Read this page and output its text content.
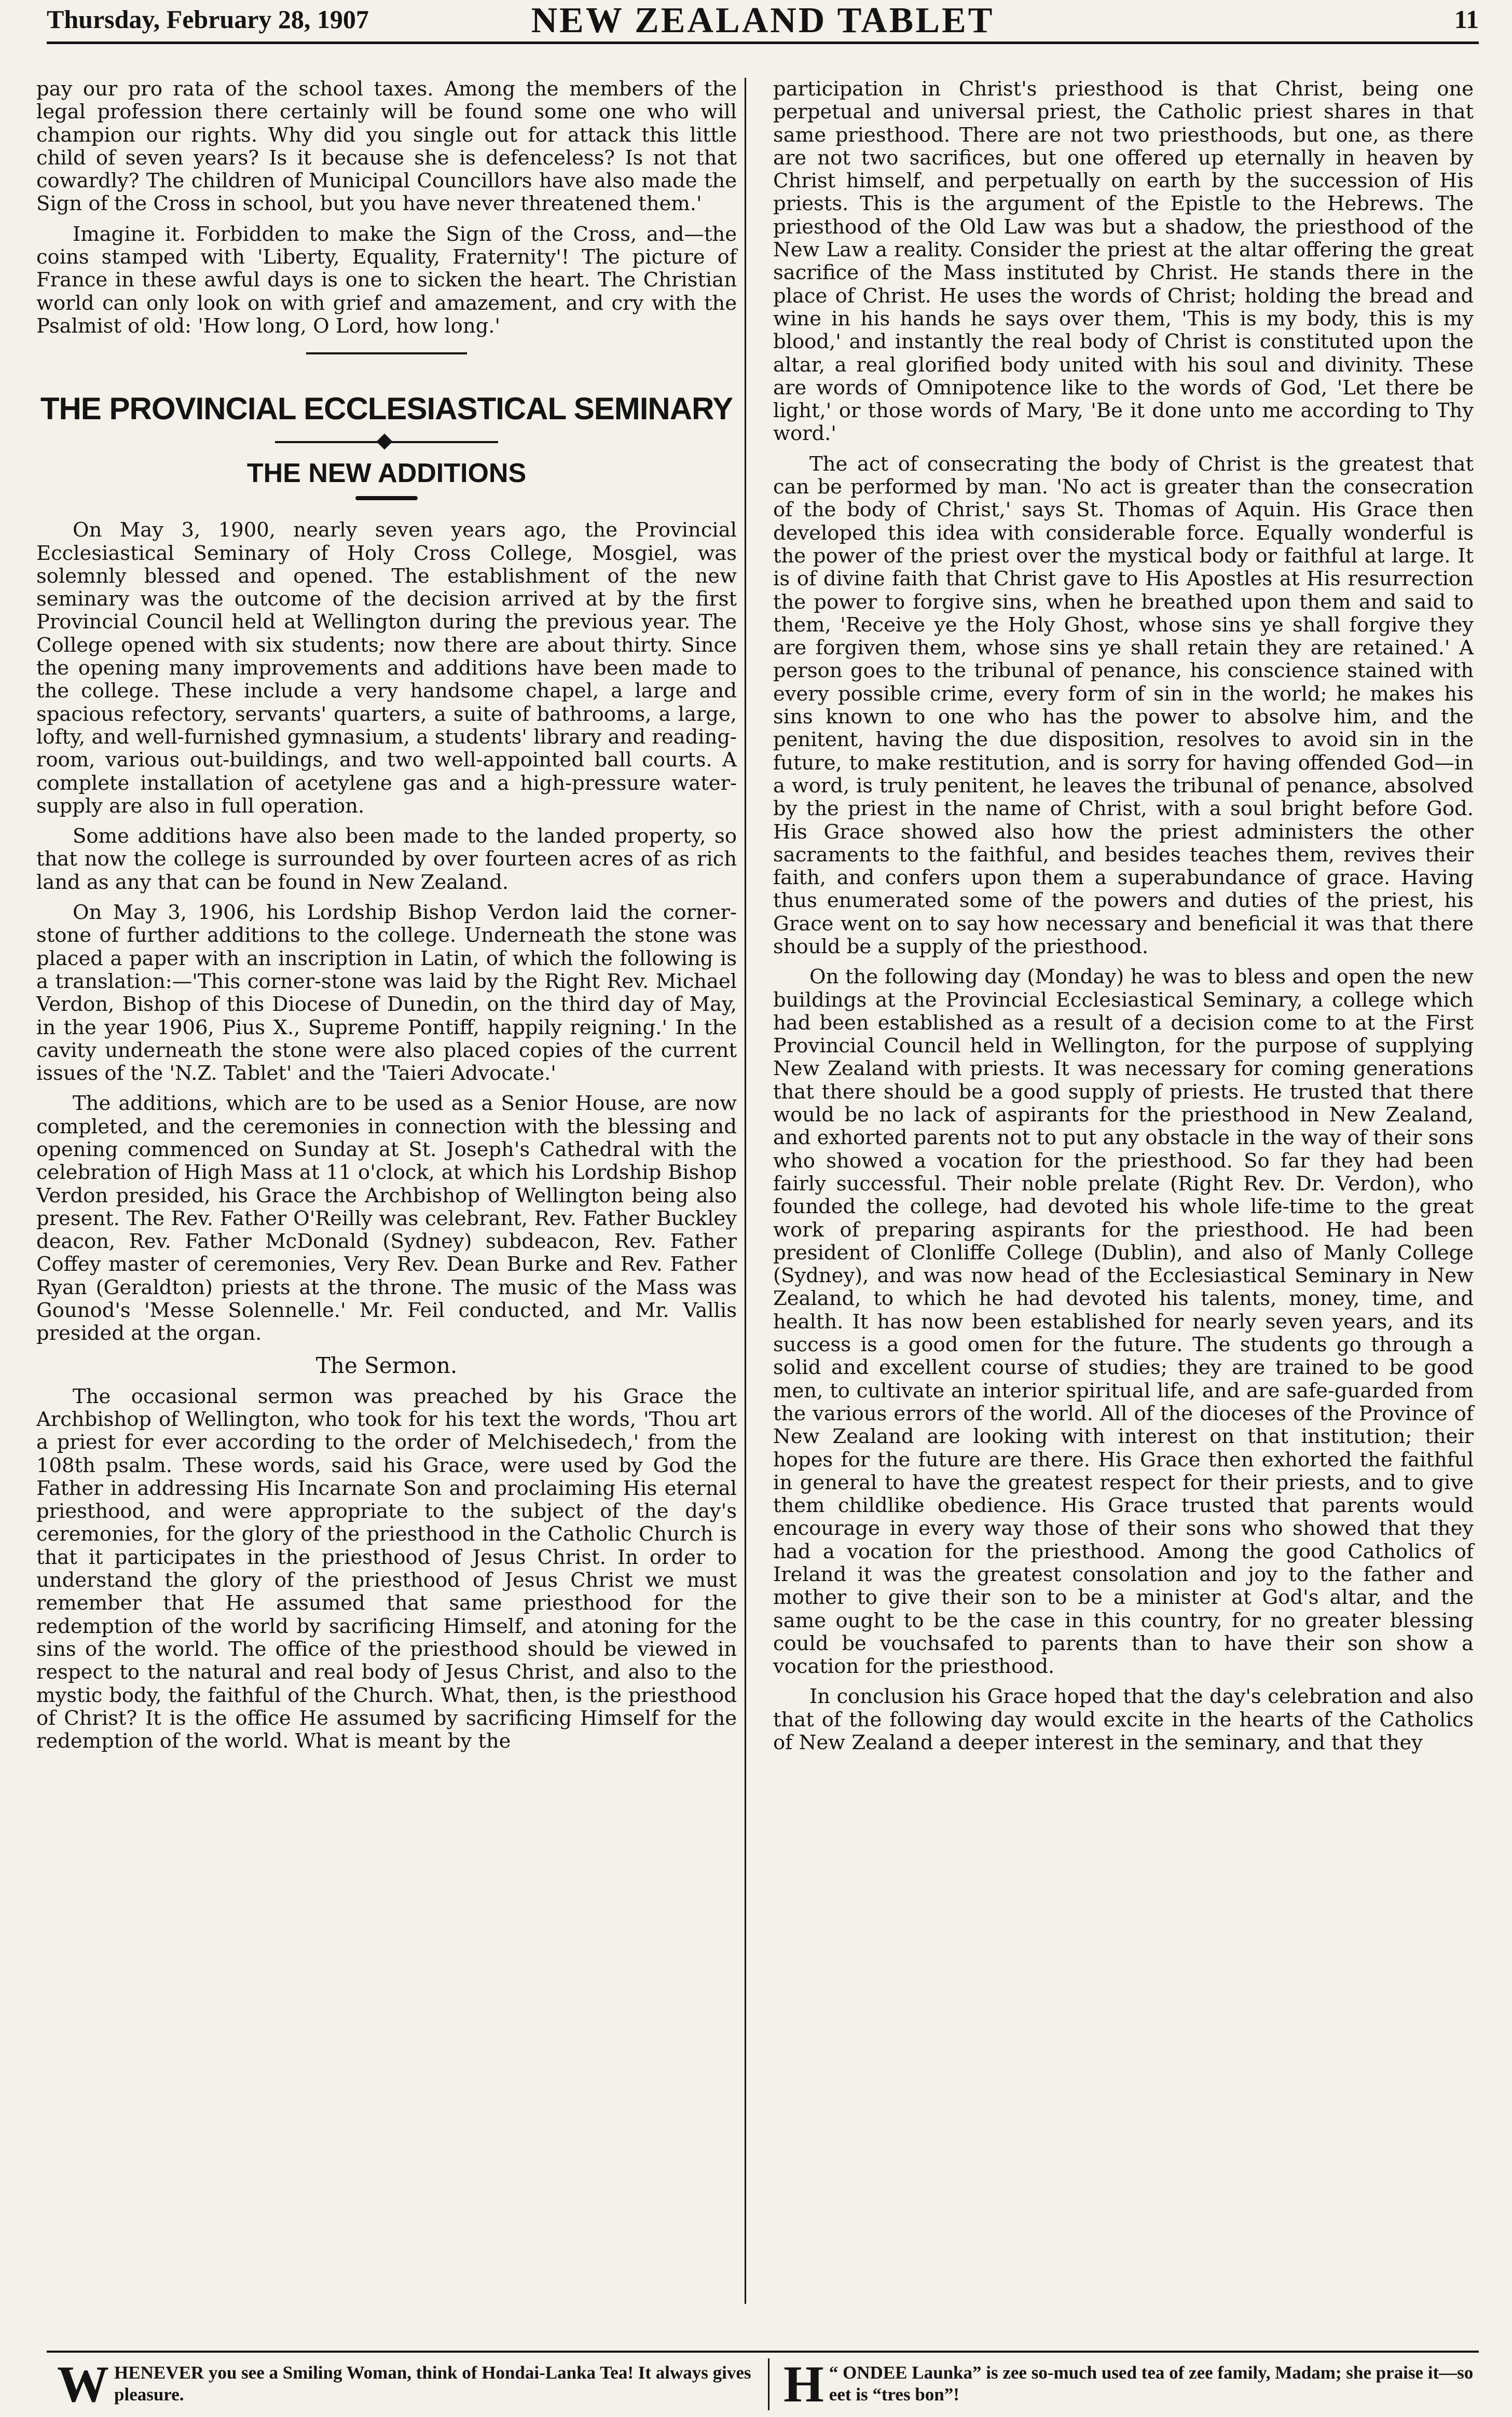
Thursday, February 28, 1907	NEW ZEALAND TABLET	11

pay our pro rata of the school taxes. Among the members of the legal profession there certainly will be found some one who will champion our rights. Why did you single out for attack this little child of seven years? Is it because she is defenceless? Is not that cowardly? The children of Municipal Councillors have also made the Sign of the Cross in school, but you have never threatened them.'

Imagine it. Forbidden to make the Sign of the Cross, and—the coins stamped with 'Liberty, Equality, Fraternity'! The picture of France in these awful days is one to sicken the heart. The Christian world can only look on with grief and amazement, and cry with the Psalmist of old: 'How long, O Lord, how long.'

THE PROVINCIAL ECCLESIASTICAL SEMINARY
THE NEW ADDITIONS

On May 3, 1900, nearly seven years ago, the Provincial Ecclesiastical Seminary of Holy Cross College, Mosgiel, was solemnly blessed and opened. The establishment of the new seminary was the outcome of the decision arrived at by the first Provincial Council held at Wellington during the previous year. The College opened with six students; now there are about thirty. Since the opening many improvements and additions have been made to the college. These include a very handsome chapel, a large and spacious refectory, servants' quarters, a suite of bathrooms, a large, lofty, and well-furnished gymnasium, a students' library and reading-room, various out-buildings, and two well-appointed ball courts. A complete installation of acetylene gas and a high-pressure water-supply are also in full operation.

Some additions have also been made to the landed property, so that now the college is surrounded by over fourteen acres of as rich land as any that can be found in New Zealand.

On May 3, 1906, his Lordship Bishop Verdon laid the corner-stone of further additions to the college. Underneath the stone was placed a paper with an inscription in Latin, of which the following is a translation:—'This corner-stone was laid by the Right Rev. Michael Verdon, Bishop of this Diocese of Dunedin, on the third day of May, in the year 1906, Pius X., Supreme Pontiff, happily reigning.' In the cavity underneath the stone were also placed copies of the current issues of the 'N.Z. Tablet' and the 'Taieri Advocate.'

The additions, which are to be used as a Senior House, are now completed, and the ceremonies in connection with the blessing and opening commenced on Sunday at St. Joseph's Cathedral with the celebration of High Mass at 11 o'clock, at which his Lordship Bishop Verdon presided, his Grace the Archbishop of Wellington being also present. The Rev. Father O'Reilly was celebrant, Rev. Father Buckley deacon, Rev. Father McDonald (Sydney) subdeacon, Rev. Father Coffey master of ceremonies, Very Rev. Dean Burke and Rev. Father Ryan (Geraldton) priests at the throne. The music of the Mass was Gounod's 'Messe Solennelle.' Mr. Feil conducted, and Mr. Vallis presided at the organ.

The Sermon.

The occasional sermon was preached by his Grace the Archbishop of Wellington, who took for his text the words, 'Thou art a priest for ever according to the order of Melchisedech,' from the 108th psalm. These words, said his Grace, were used by God the Father in addressing His Incarnate Son and proclaiming His eternal priesthood, and were appropriate to the subject of the day's ceremonies, for the glory of the priesthood in the Catholic Church is that it participates in the priesthood of Jesus Christ. In order to understand the glory of the priesthood of Jesus Christ we must remember that He assumed that same priesthood for the redemption of the world by sacrificing Himself, and atoning for the sins of the world. The office of the priesthood should be viewed in respect to the natural and real body of Jesus Christ, and also to the mystic body, the faithful of the Church. What, then, is the priesthood of Christ? It is the office He assumed by sacrificing Himself for the redemption of the world. What is meant by the

participation in Christ's priesthood is that Christ, being one perpetual and universal priest, the Catholic priest shares in that same priesthood. There are not two priesthoods, but one, as there are not two sacrifices, but one offered up eternally in heaven by Christ himself, and perpetually on earth by the succession of His priests. This is the argument of the Epistle to the Hebrews. The priesthood of the Old Law was but a shadow, the priesthood of the New Law a reality. Consider the priest at the altar offering the great sacrifice of the Mass instituted by Christ. He stands there in the place of Christ. He uses the words of Christ; holding the bread and wine in his hands he says over them, 'This is my body, this is my blood,' and instantly the real body of Christ is constituted upon the altar, a real glorified body united with his soul and divinity. These are words of Omnipotence like to the words of God, 'Let there be light,' or those words of Mary, 'Be it done unto me according to Thy word.'

The act of consecrating the body of Christ is the greatest that can be performed by man. 'No act is greater than the consecration of the body of Christ,' says St. Thomas of Aquin. His Grace then developed this idea with considerable force. Equally wonderful is the power of the priest over the mystical body or faithful at large. It is of divine faith that Christ gave to His Apostles at His resurrection the power to forgive sins, when he breathed upon them and said to them, 'Receive ye the Holy Ghost, whose sins ye shall forgive they are forgiven them, whose sins ye shall retain they are retained.' A person goes to the tribunal of penance, his conscience stained with every possible crime, every form of sin in the world; he makes his sins known to one who has the power to absolve him, and the penitent, having the due disposition, resolves to avoid sin in the future, to make restitution, and is sorry for having offended God—in a word, is truly penitent, he leaves the tribunal of penance, absolved by the priest in the name of Christ, with a soul bright before God. His Grace showed also how the priest administers the other sacraments to the faithful, and besides teaches them, revives their faith, and confers upon them a superabundance of grace. Having thus enumerated some of the powers and duties of the priest, his Grace went on to say how necessary and beneficial it was that there should be a supply of the priesthood.

On the following day (Monday) he was to bless and open the new buildings at the Provincial Ecclesiastical Seminary, a college which had been established as a result of a decision come to at the First Provincial Council held in Wellington, for the purpose of supplying New Zealand with priests. It was necessary for coming generations that there should be a good supply of priests. He trusted that there would be no lack of aspirants for the priesthood in New Zealand, and exhorted parents not to put any obstacle in the way of their sons who showed a vocation for the priesthood. So far they had been fairly successful. Their noble prelate (Right Rev. Dr. Verdon), who founded the college, had devoted his whole life-time to the great work of preparing aspirants for the priesthood. He had been president of Clonliffe College (Dublin), and also of Manly College (Sydney), and was now head of the Ecclesiastical Seminary in New Zealand, to which he had devoted his talents, money, time, and health. It has now been established for nearly seven years, and its success is a good omen for the future. The students go through a solid and excellent course of studies; they are trained to be good men, to cultivate an interior spiritual life, and are safe-guarded from the various errors of the world. All of the dioceses of the Province of New Zealand are looking with interest on that institution; their hopes for the future are there. His Grace then exhorted the faithful in general to have the greatest respect for their priests, and to give them childlike obedience. His Grace trusted that parents would encourage in every way those of their sons who showed that they had a vocation for the priesthood. Among the good Catholics of Ireland it was the greatest consolation and joy to the father and mother to give their son to be a minister at God's altar, and the same ought to be the case in this country, for no greater blessing could be vouchsafed to parents than to have their son show a vocation for the priesthood.

In conclusion his Grace hoped that the day's celebration and also that of the following day would excite in the hearts of the Catholics of New Zealand a deeper interest in the seminary, and that they

WHENEVER you see a Smiling Woman, think of Hondai-Lanka Tea! It always gives pleasure.
“
H ONDEE Launka” is zee so-much used tea of zee family, Madam; she praise it—so eet is “tres bon”!
